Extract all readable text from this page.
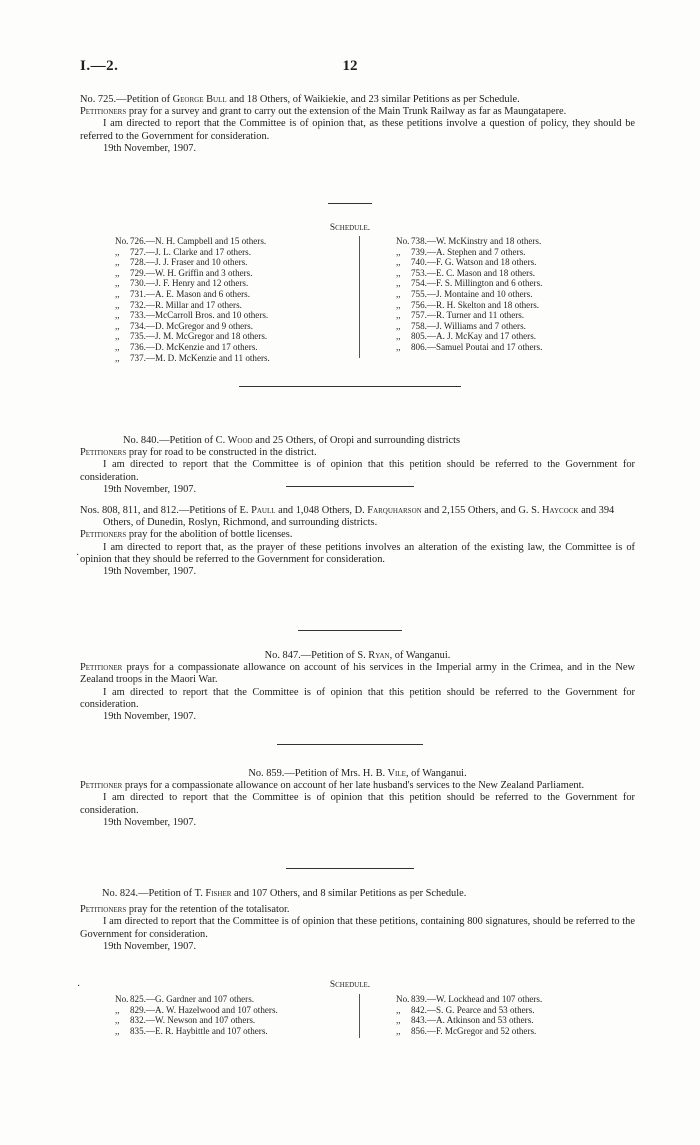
I.—2.	12

No. 725.—Petition of George Bull and 18 Others, of Waikiekie, and 23 similar Petitions as per Schedule.

Petitioners pray for a survey and grant to carry out the extension of the Main Trunk Railway as far as Maungatapere.

I am directed to report that the Committee is of opinion that, as these petitions involve a question of policy, they should be referred to the Government for consideration.

19th November, 1907.

Schedule.
No. 726.—N. H. Campbell and 15 others.
,, 727.—J. L. Clarke and 17 others.
,, 728.—J. J. Fraser and 10 others.
,, 729.—W. H. Griffin and 3 others.
,, 730.—J. F. Henry and 12 others.
,, 731.—A. E. Mason and 6 others.
,, 732.—R. Millar and 17 others.
,, 733.—McCarroll Bros. and 10 others.
,, 734.—D. McGregor and 9 others.
,, 735.—J. M. McGregor and 18 others.
,, 736.—D. McKenzie and 17 others.
,, 737.—M. D. McKenzie and 11 others.
No. 738.—W. McKinstry and 18 others.
,, 739.—A. Stephen and 7 others.
,, 740.—F. G. Watson and 18 others.
,, 753.—E. C. Mason and 18 others.
,, 754.—F. S. Millington and 6 others.
,, 755.—J. Montaine and 10 others.
,, 756.—R. H. Skelton and 18 others.
,, 757.—R. Turner and 11 others.
,, 758.—J. Williams and 7 others.
,, 805.—A. J. McKay and 17 others.
,, 806.—Samuel Poutai and 17 others.

No. 840.—Petition of C. Wood and 25 Others, of Oropi and surrounding districts

Petitioners pray for road to be constructed in the district.

I am directed to report that the Committee is of opinion that this petition should be referred to the Government for consideration.

19th November, 1907.

Nos. 808, 811, and 812.—Petitions of E. Paull and 1,048 Others, D. Farquharson and 2,155 Others, and G. S. Haycock and 394 Others, of Dunedin, Roslyn, Richmond, and surrounding districts.

Petitioners pray for the abolition of bottle licenses.

I am directed to report that, as the prayer of these petitions involves an alteration of the existing law, the Committee is of opinion that they should be referred to the Government for consideration.

19th November, 1907.

No. 847.—Petition of S. Ryan, of Wanganui.

Petitioner prays for a compassionate allowance on account of his services in the Imperial army in the Crimea, and in the New Zealand troops in the Maori War.

I am directed to report that the Committee is of opinion that this petition should be referred to the Government for consideration.

19th November, 1907.

No. 859.—Petition of Mrs. H. B. Vile, of Wanganui.

Petitioner prays for a compassionate allowance on account of her late husband's services to the New Zealand Parliament.

I am directed to report that the Committee is of opinion that this petition should be referred to the Government for consideration.

19th November, 1907.

No. 824.—Petition of T. Fisher and 107 Others, and 8 similar Petitions as per Schedule.

Petitioners pray for the retention of the totalisator.

I am directed to report that the Committee is of opinion that these petitions, containing 800 signatures, should be referred to the Government for consideration.

19th November, 1907.

Schedule.
No. 825.—G. Gardner and 107 others.
,, 829.—A. W. Hazelwood and 107 others.
,, 832.—W. Newson and 107 others.
,, 835.—E. R. Haybittle and 107 others.
No. 839.—W. Lockhead and 107 others.
,, 842.—S. G. Pearce and 53 others.
,, 843.—A. Atkinson and 53 others.
,, 856.—F. McGregor and 52 others.
·
·
